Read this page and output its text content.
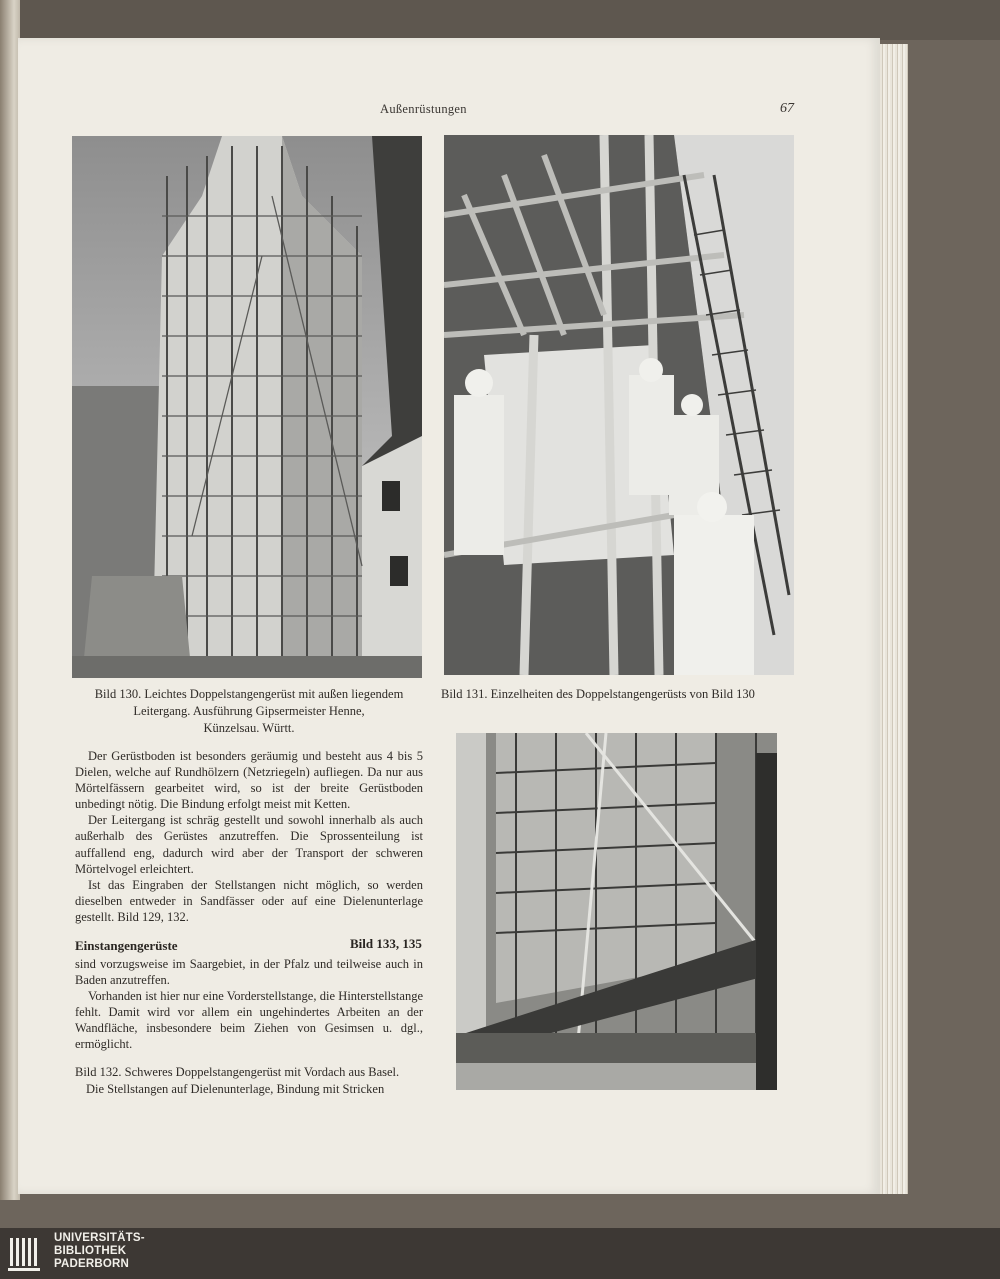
Außenrüstungen	67
Bild 130. Leichtes Doppelstangengerüst mit außen liegendem
Leitergang. Ausführung Gipsermeister Henne,
Künzelsau. Württ.
Bild 131. Einzelheiten des Doppelstangengerüsts von Bild 130

Der Gerüstboden ist besonders geräumig und besteht aus 4 bis 5 Dielen, welche auf Rundhölzern (Netzriegeln) aufliegen. Da nur aus Mörtelfässern gearbeitet wird, so ist der breite Gerüstboden unbedingt nötig. Die Bindung erfolgt meist mit Ketten.

Der Leitergang ist schräg gestellt und sowohl innerhalb als auch außerhalb des Gerüstes anzutreffen. Die Sprossenteilung ist auffallend eng, dadurch wird aber der Transport der schweren Mörtelvogel erleichtert.

Ist das Eingraben der Stellstangen nicht möglich, so werden dieselben entweder in Sandfässer oder auf eine Dielenunterlage gestellt. Bild 129, 132.

Einstangengerüste	Bild 133, 135

sind vorzugsweise im Saargebiet, in der Pfalz und teilweise auch in Baden anzutreffen.

Vorhanden ist hier nur eine Vorderstellstange, die Hinterstellstange fehlt. Damit wird vor allem ein ungehindertes Arbeiten an der Wandfläche, insbesondere beim Ziehen von Gesimsen u. dgl., ermöglicht.

Bild 132. Schweres Doppelstangengerüst mit Vordach aus Basel.
Die Stellstangen auf Dielenunterlage, Bindung mit Stricken
UNIVERSITÄTS-
BIBLIOTHEK
PADERBORN
